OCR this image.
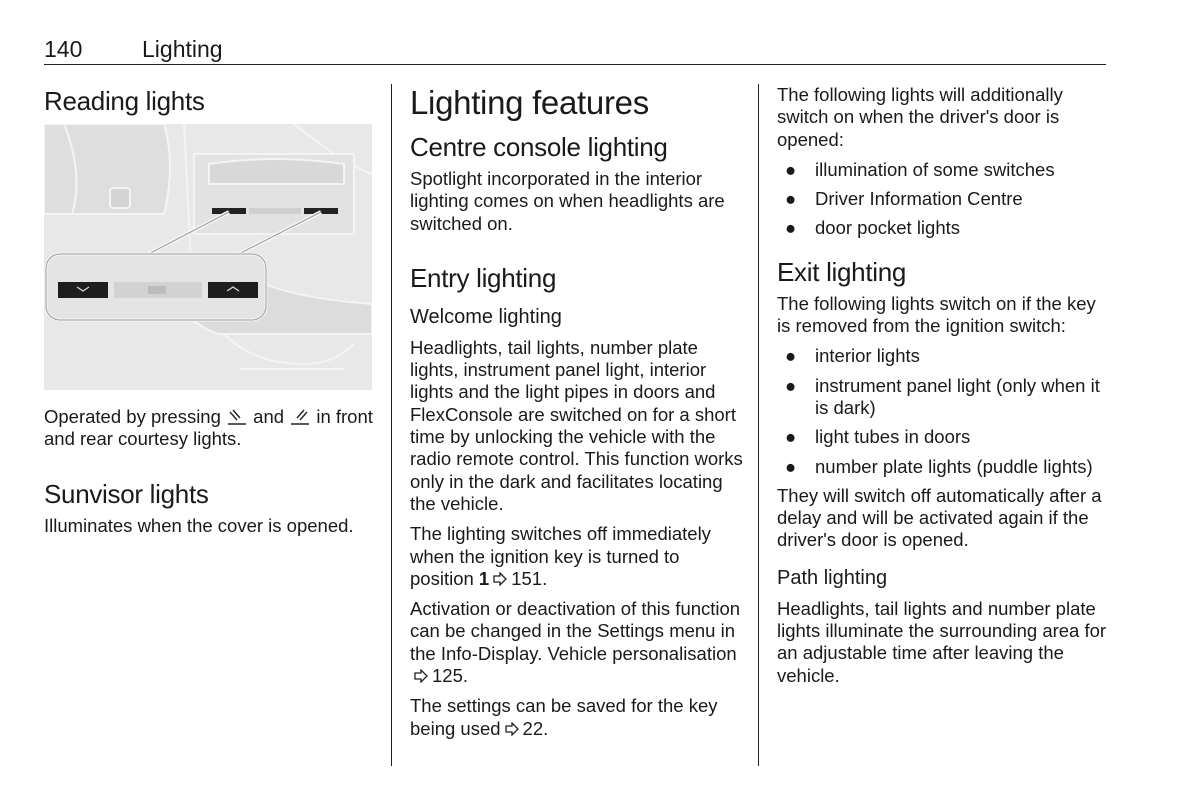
140	Lighting
Reading lights

Operated by pressing and in front and rear courtesy lights.

Sunvisor lights

Illuminates when the cover is opened.

Lighting features
Centre console lighting

Spotlight incorporated in the interior lighting comes on when headlights are switched on.

Entry lighting
Welcome lighting

Headlights, tail lights, number plate lights, instrument panel light, interior lights and the light pipes in doors and FlexConsole are switched on for a short time by unlocking the vehicle with the radio remote control. This function works only in the dark and facilitates locating the vehicle.

The lighting switches off immediately when the ignition key is turned to position 1 151.

Activation or deactivation of this function can be changed in the Settings menu in the Info-Display. Vehicle personalisation125.

The settings can be saved for the key being used 22.

The following lights will additionally switch on when the driver's door is opened:

● illumination of some switches
● Driver Information Centre
● door pocket lights
Exit lighting

The following lights switch on if the key is removed from the ignition switch:

● interior lights
● instrument panel light (only when it is dark)
● light tubes in doors
● number plate lights (puddle lights)

They will switch off automatically after a delay and will be activated again if the driver's door is opened.

Path lighting

Headlights, tail lights and number plate lights illuminate the surrounding area for an adjustable time after leaving the vehicle.
